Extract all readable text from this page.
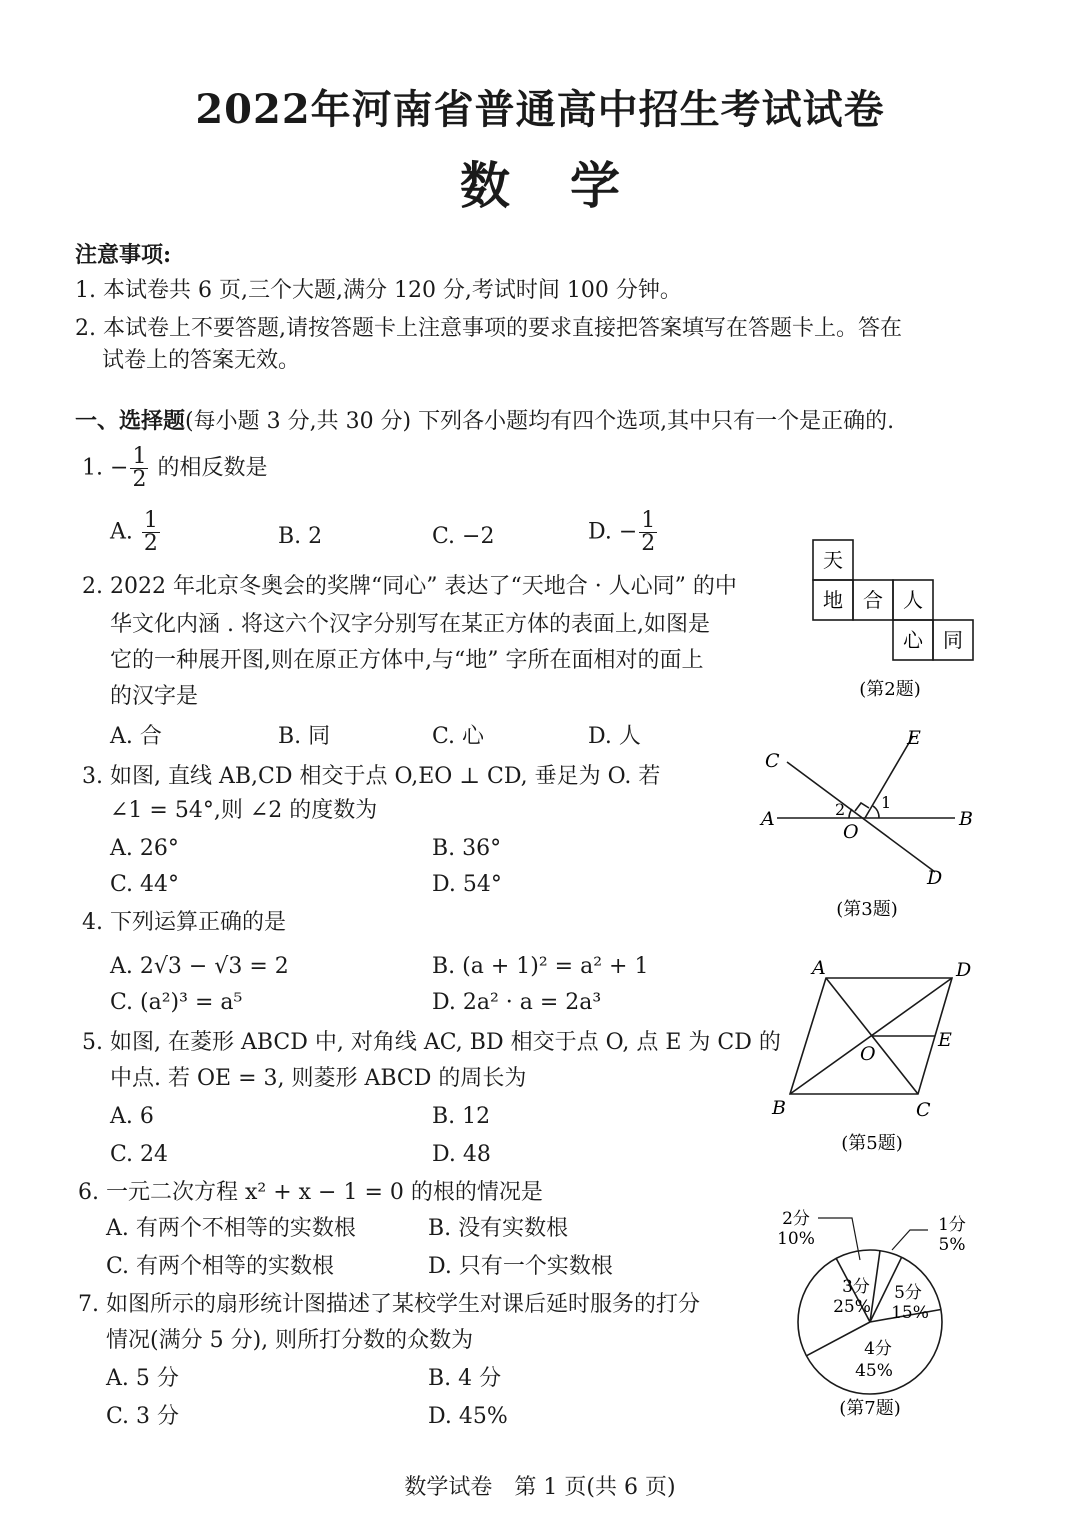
2022年河南省普通高中招生考试试卷
数学
注意事项:
1. 本试卷共 6 页,三个大题,满分 120 分,考试时间 100 分钟。
2. 本试卷上不要答题,请按答题卡上注意事项的要求直接把答案填写在答题卡上。答在
试卷上的答案无效。
一、选择题(每小题 3 分,共 30 分) 下列各小题均有四个选项,其中只有一个是正确的.
1. − $\frac{1}{2}$ 的相反数是
A. $\frac{1}{2}$	B. 2	C. −2	D. − $\frac{1}{2}$
2. 2022 年北京冬奥会的奖牌“同心” 表达了“天地合 · 人心同” 的中
华文化内涵 . 将这六个汉字分别写在某正方体的表面上,如图是
它的一种展开图,则在原正方体中,与“地” 字所在面相对的面上
的汉字是
A. 合	B. 同	C. 心	D. 人
天
地 合 人
心 同
(第2题)
3. 如图, 直线 AB,CD 相交于点 O,EO ⊥ CD, 垂足为 O. 若
∠1 = 54°,则 ∠2 的度数为
A. 26°	B. 36°
C. 44°	D. 54°
C
E
A	B
O
D
2 1
(第3题)
4. 下列运算正确的是
A. 2√3 − √3 = 2	B. (a + 1)² = a² + 1
C. (a²)³ = a⁵	D. 2a² · a = 2a³
5. 如图, 在菱形 ABCD 中, 对角线 AC, BD 相交于点 O, 点 E 为 CD 的
中点. 若 OE = 3, 则菱形 ABCD 的周长为
A. 6	B. 12
C. 24	D. 48
A	D
E
O
B	C
(第5题)
6. 一元二次方程 x² + x − 1 = 0 的根的情况是
A. 有两个不相等的实数根	B. 没有实数根
C. 有两个相等的实数根	D. 只有一个实数根
7. 如图所示的扇形统计图描述了某校学生对课后延时服务的打分
情况(满分 5 分), 则所打分数的众数为
A. 5 分	B. 4 分
C. 3 分	D. 45%
3分
25%
5分
15%
4分
45%
2分
10%
1分
5%
(第7题)
数学试卷　第 1 页(共 6 页)
